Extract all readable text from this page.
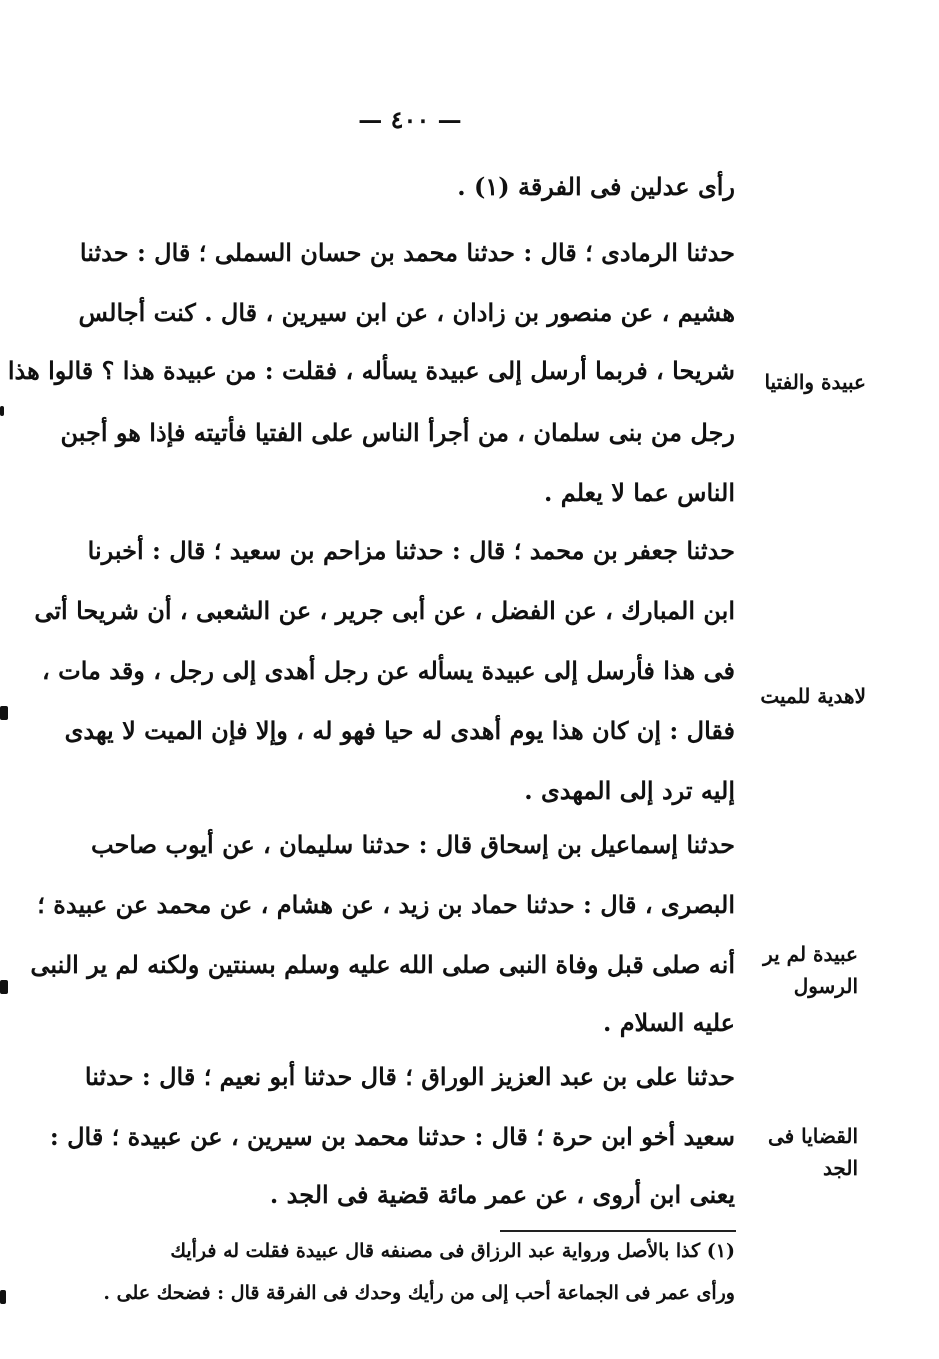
— ٤٠٠ —
رأى عدلين فى الفرقة (١) .
حدثنا الرمادى ؛ قال : حدثنا محمد بن حسان السملى ؛ قال : حدثنا
هشيم ، عن منصور بن زادان ، عن ابن سيرين ، قال . كنت أجالس
شريحا ، فربما أرسل إلى عبيدة يسأله ، فقلت : من عبيدة هذا ؟ قالوا هذا
رجل من بنى سلمان ، من أجرأ الناس على الفتيا فأتيته فإذا هو أجبن
الناس عما لا يعلم .
حدثنا جعفر بن محمد ؛ قال : حدثنا مزاحم بن سعيد ؛ قال : أخبرنا
ابن المبارك ، عن الفضل ، عن أبى جرير ، عن الشعبى ، أن شريحا أتى
فى هذا فأرسل إلى عبيدة يسأله عن رجل أهدى إلى رجل ، وقد مات ،
فقال : إن كان هذا يوم أهدى له حيا فهو له ، وإلا فإن الميت لا يهدى
إليه ترد إلى المهدى .
حدثنا إسماعيل بن إسحاق قال : حدثنا سليمان ، عن أيوب صاحب
البصرى ، قال : حدثنا حماد بن زيد ، عن هشام ، عن محمد عن عبيدة ؛
أنه صلى قبل وفاة النبى صلى الله عليه وسلم بسنتين ولكنه لم ير النبى
عليه السلام .
حدثنا على بن عبد العزيز الوراق ؛ قال حدثنا أبو نعيم ؛ قال : حدثنا
سعيد أخو ابن حرة ؛ قال : حدثنا محمد بن سيرين ، عن عبيدة ؛ قال :
يعنى ابن أروى ، عن عمر مائة قضية فى الجد .
عبيدة والفتيا
لاهدية للميت
عبيدة لم ير الرسول
القضايا فى الجد
(١) كذا بالأصل ورواية عبد الرزاق فى مصنفه قال عبيدة فقلت له فرأيك
ورأى عمر فى الجماعة أحب إلى من رأيك وحدك فى الفرقة قال : فضحك على .
